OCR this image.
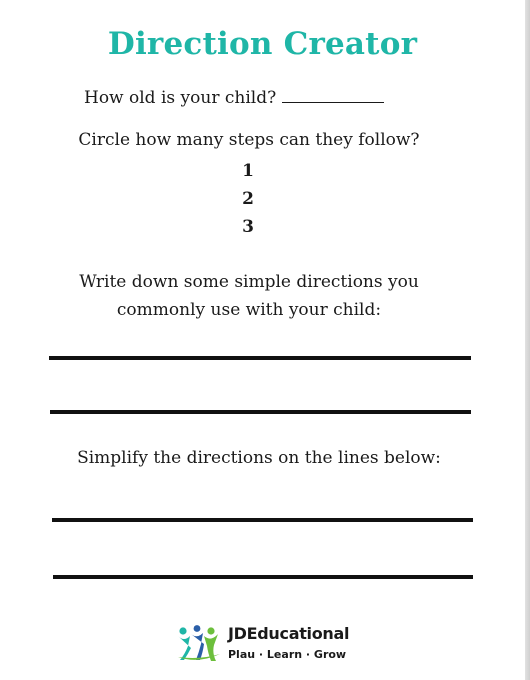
Direction Creator
How old is your child?
Circle how many steps can they follow?
1
2
3
Write down some simple directions you
commonly use with your child:
Simplify the directions on the lines below:
JDEducational
Plau · Learn · Grow
